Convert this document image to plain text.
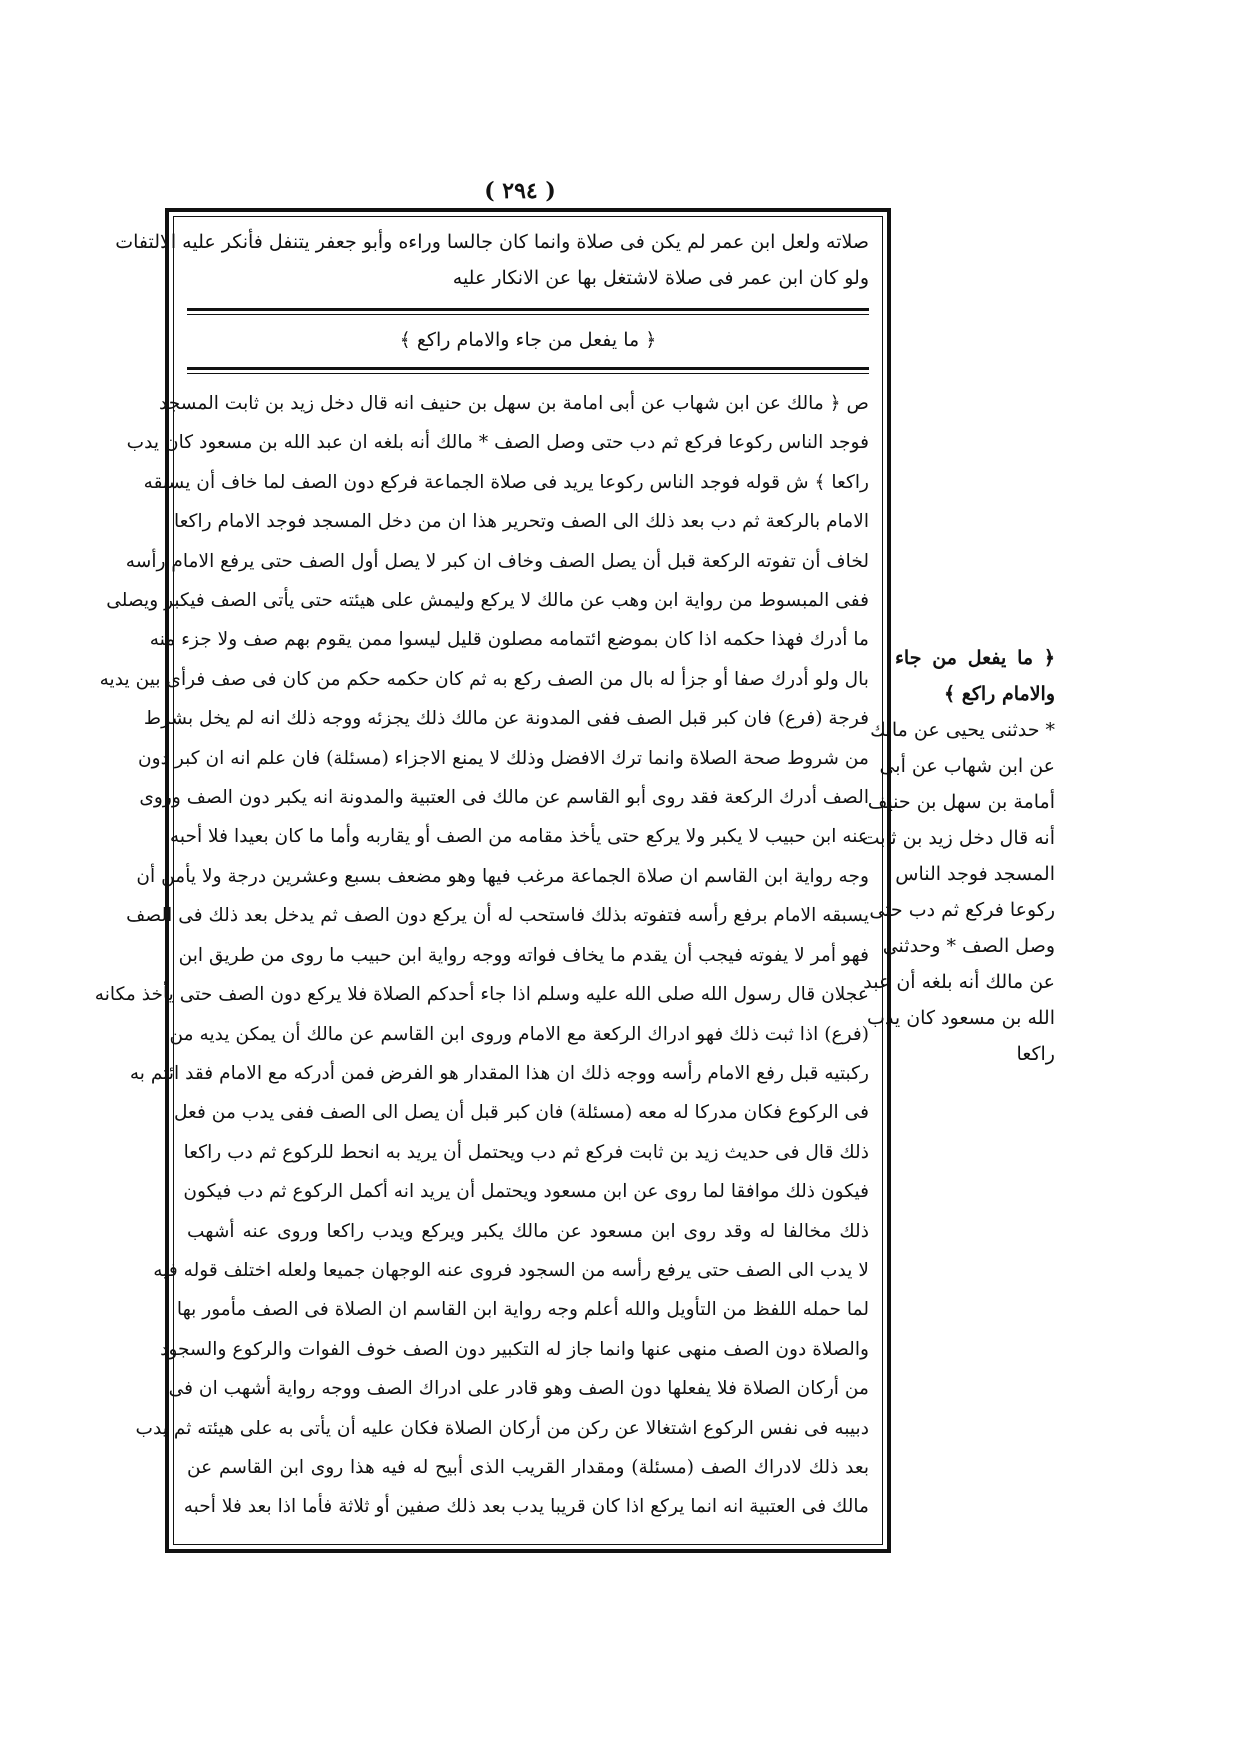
( ٢٩٤ )
صلاته ولعل ابن عمر لم يكن فى صلاة وانما كان جالسا وراءه وأبو جعفر يتنفل فأنكر عليه الالتفات
ولو كان ابن عمر فى صلاة لاشتغل بها عن الانكار عليه
﴿ ما يفعل من جاء والامام راكع ﴾
ص ﴿ مالك عن ابن شهاب عن أبى امامة بن سهل بن حنيف انه قال دخل زيد بن ثابت المسجد
فوجد الناس ركوعا فركع ثم دب حتى وصل الصف * مالك أنه بلغه ان عبد الله بن مسعود كان يدب
راكعا ﴾ ش قوله فوجد الناس ركوعا يريد فى صلاة الجماعة فركع دون الصف لما خاف أن يسبقه
الامام بالركعة ثم دب بعد ذلك الى الصف وتحرير هذا ان من دخل المسجد فوجد الامام راكعا
لخاف أن تفوته الركعة قبل أن يصل الصف وخاف ان كبر لا يصل أول الصف حتى يرفع الامام رأسه
ففى المبسوط من رواية ابن وهب عن مالك لا يركع وليمش على هيئته حتى يأتى الصف فيكبر ويصلى
ما أدرك فهذا حكمه اذا كان بموضع ائتمامه مصلون قليل ليسوا ممن يقوم بهم صف ولا جزء منه
بال ولو أدرك صفا أو جزأ له بال من الصف ركع به ثم كان حكمه حكم من كان فى صف فرأى بين يديه
فرجة (فرع) فان كبر قبل الصف ففى المدونة عن مالك ذلك يجزئه ووجه ذلك انه لم يخل بشرط
من شروط صحة الصلاة وانما ترك الافضل وذلك لا يمنع الاجزاء (مسئلة) فان علم انه ان كبر دون
الصف أدرك الركعة فقد روى أبو القاسم عن مالك فى العتبية والمدونة انه يكبر دون الصف وروى
عنه ابن حبيب لا يكبر ولا يركع حتى يأخذ مقامه من الصف أو يقاربه وأما ما كان بعيدا فلا أحبه
وجه رواية ابن القاسم ان صلاة الجماعة مرغب فيها وهو مضعف بسبع وعشرين درجة ولا يأمن أن
يسبقه الامام برفع رأسه فتفوته بذلك فاستحب له أن يركع دون الصف ثم يدخل بعد ذلك فى الصف
فهو أمر لا يفوته فيجب أن يقدم ما يخاف فواته ووجه رواية ابن حبيب ما روى من طريق ابن
عجلان قال رسول الله صلى الله عليه وسلم اذا جاء أحدكم الصلاة فلا يركع دون الصف حتى يأخذ مكانه
(فرع) اذا ثبت ذلك فهو ادراك الركعة مع الامام وروى ابن القاسم عن مالك أن يمكن يديه من
ركبتيه قبل رفع الامام رأسه ووجه ذلك ان هذا المقدار هو الفرض فمن أدركه مع الامام فقد ائتم به
فى الركوع فكان مدركا له معه (مسئلة) فان كبر قبل أن يصل الى الصف ففى يدب من فعل
ذلك قال فى حديث زيد بن ثابت فركع ثم دب ويحتمل أن يريد به انحط للركوع ثم دب راكعا
فيكون ذلك موافقا لما روى عن ابن مسعود ويحتمل أن يريد انه أكمل الركوع ثم دب فيكون
ذلك مخالفا له وقد روى ابن مسعود عن مالك يكبر ويركع ويدب راكعا وروى عنه أشهب
لا يدب الى الصف حتى يرفع رأسه من السجود فروى عنه الوجهان جميعا ولعله اختلف قوله فيه
لما حمله اللفظ من التأويل والله أعلم وجه رواية ابن القاسم ان الصلاة فى الصف مأمور بها
والصلاة دون الصف منهى عنها وانما جاز له التكبير دون الصف خوف الفوات والركوع والسجود
من أركان الصلاة فلا يفعلها دون الصف وهو قادر على ادراك الصف ووجه رواية أشهب ان فى
دبيبه فى نفس الركوع اشتغالا عن ركن من أركان الصلاة فكان عليه أن يأتى به على هيئته ثم يدب
بعد ذلك لادراك الصف (مسئلة) ومقدار القريب الذى أبيح له فيه هذا روى ابن القاسم عن
مالك فى العتبية انه انما يركع اذا كان قريبا يدب بعد ذلك صفين أو ثلاثة فأما اذا بعد فلا أحبه
﴿ ما يفعل من جاء والامام راكع ﴾
* حدثنى يحيى عن مالك
عن ابن شهاب عن أبى
أمامة بن سهل بن حنيف
أنه قال دخل زيد بن ثابت
المسجد فوجد الناس
ركوعا فركع ثم دب حتى
وصل الصف * وحدثنى
عن مالك أنه بلغه أن عبد
الله بن مسعود كان يدب
راكعا
